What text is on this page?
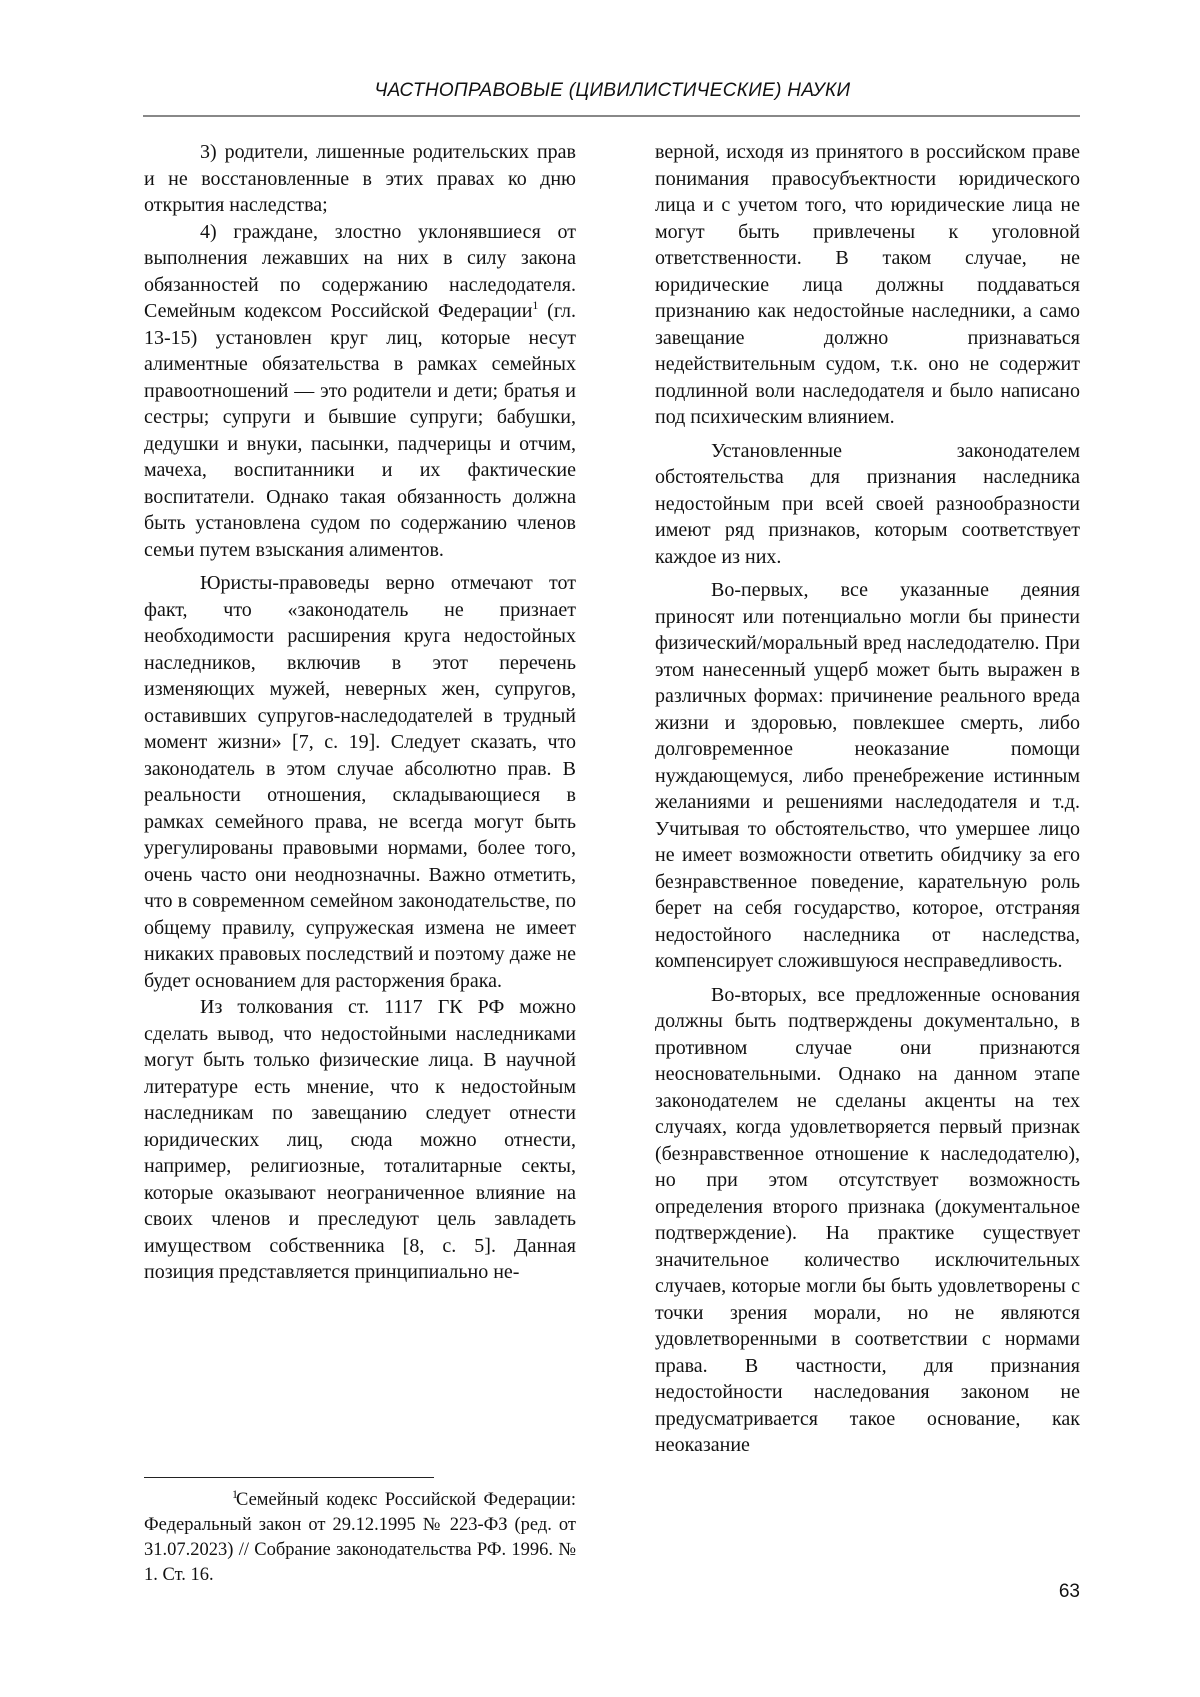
ЧАСТНОПРАВОВЫЕ (ЦИВИЛИСТИЧЕСКИЕ) НАУКИ

3) родители, лишенные родительских прав и не восстановленные в этих правах ко дню открытия наследства;

4) граждане, злостно уклонявшиеся от выполнения лежавших на них в силу закона обязанностей по содержанию наследодателя. Семейным кодексом Российской Федерации$^1$ (гл. 13-15) установлен круг лиц, которые несут алиментные обязательства в рамках семейных правоотношений — это родители и дети; братья и сестры; супруги и бывшие супруги; бабушки, дедушки и внуки, пасынки, падчерицы и отчим, мачеха, воспитанники и их фактические воспитатели. Однако такая обязанность должна быть установлена судом по содержанию членов семьи путем взыскания алиментов.

Юристы-правоведы верно отмечают тот факт, что «законодатель не признает необходимости расширения круга недостойных наследников, включив в этот перечень изменяющих мужей, неверных жен, супругов, оставивших супругов-наследодателей в трудный момент жизни» [7, с. 19]. Следует сказать, что законодатель в этом случае абсолютно прав. В реальности отношения, складывающиеся в рамках семейного права, не всегда могут быть урегулированы правовыми нормами, более того, очень часто они неоднозначны. Важно отметить, что в современном семейном законодательстве, по общему правилу, супружеская измена не имеет никаких правовых последствий и поэтому даже не будет основанием для расторжения брака.

Из толкования ст. 1117 ГК РФ можно сделать вывод, что недостойными наследниками могут быть только физические лица. В научной литературе есть мнение, что к недостойным наследникам по завещанию следует отнести юридических лиц, сюда можно отнести, например, религиозные, тоталитарные секты, которые оказывают неограниченное влияние на своих членов и преследуют цель завладеть имуществом собственника [8, с. 5]. Данная позиция представляется принципиально не-

верной, исходя из принятого в российском праве понимания правосубъектности юридического лица и с учетом того, что юридические лица не могут быть привлечены к уголовной ответственности. В таком случае, не юридические лица должны поддаваться признанию как недостойные наследники, а само завещание должно признаваться недействительным судом, т.к. оно не содержит подлинной воли наследодателя и было написано под психическим влиянием.

Установленные законодателем обстоятельства для признания наследника недостойным при всей своей разнообразности имеют ряд признаков, которым соответствует каждое из них.

Во-первых, все указанные деяния приносят или потенциально могли бы принести физический/моральный вред наследодателю. При этом нанесенный ущерб может быть выражен в различных формах: причинение реального вреда жизни и здоровью, повлекшее смерть, либо долговременное неоказание помощи нуждающемуся, либо пренебрежение истинным желаниями и решениями наследодателя и т.д. Учитывая то обстоятельство, что умершее лицо не имеет возможности ответить обидчику за его безнравственное поведение, карательную роль берет на себя государство, которое, отстраняя недостойного наследника от наследства, компенсирует сложившуюся несправедливость.

Во-вторых, все предложенные основания должны быть подтверждены документально, в противном случае они признаются неосновательными. Однако на данном этапе законодателем не сделаны акценты на тех случаях, когда удовлетворяется первый признак (безнравственное отношение к наследодателю), но при этом отсутствует возможность определения второго признака (документальное подтверждение). На практике существует значительное количество исключительных случаев, которые могли бы быть удовлетворены с точки зрения морали, но не являются удовлетворенными в соответствии с нормами права. В частности, для признания недостойности наследования законом не предусматривается такое основание, как неоказание

1Семейный кодекс Российской Федерации: Федеральный закон от 29.12.1995 № 223-ФЗ (ред. от 31.07.2023) // Собрание законодательства РФ. 1996. № 1. Ст. 16.

63
